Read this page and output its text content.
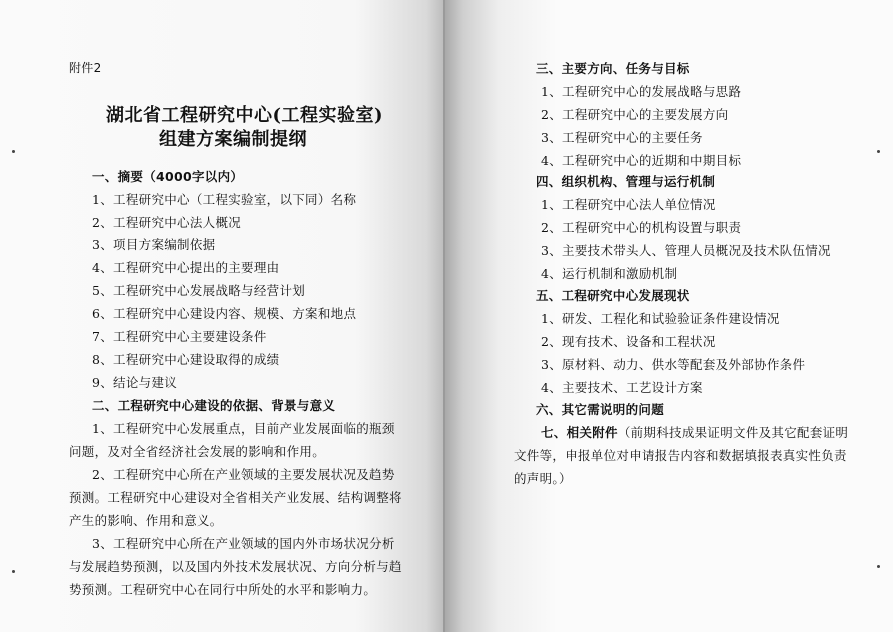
附件2
湖北省工程研究中心(工程实验室)
组建方案编制提纲
一、摘要（4000字以内）
1、工程研究中心（工程实验室，以下同）名称
2、工程研究中心法人概况
3、项目方案编制依据
4、工程研究中心提出的主要理由
5、工程研究中心发展战略与经营计划
6、工程研究中心建设内容、规模、方案和地点
7、工程研究中心主要建设条件
8、工程研究中心建设取得的成绩
9、结论与建议
二、工程研究中心建设的依据、背景与意义
1、工程研究中心发展重点，目前产业发展面临的瓶颈
问题，及对全省经济社会发展的影响和作用。
2、工程研究中心所在产业领域的主要发展状况及趋势
预测。工程研究中心建设对全省相关产业发展、结构调整将
产生的影响、作用和意义。
3、工程研究中心所在产业领域的国内外市场状况分析
与发展趋势预测，以及国内外技术发展状况、方向分析与趋
势预测。工程研究中心在同行中所处的水平和影响力。
三、主要方向、任务与目标
1、工程研究中心的发展战略与思路
2、工程研究中心的主要发展方向
3、工程研究中心的主要任务
4、工程研究中心的近期和中期目标
四、组织机构、管理与运行机制
1、工程研究中心法人单位情况
2、工程研究中心的机构设置与职责
3、主要技术带头人、管理人员概况及技术队伍情况
4、运行机制和激励机制
五、工程研究中心发展现状
1、研发、工程化和试验验证条件建设情况
2、现有技术、设备和工程状况
3、原材料、动力、供水等配套及外部协作条件
4、主要技术、工艺设计方案
六、其它需说明的问题
七、相关附件（前期科技成果证明文件及其它配套证明
文件等，申报单位对申请报告内容和数据填报表真实性负责
的声明。）
